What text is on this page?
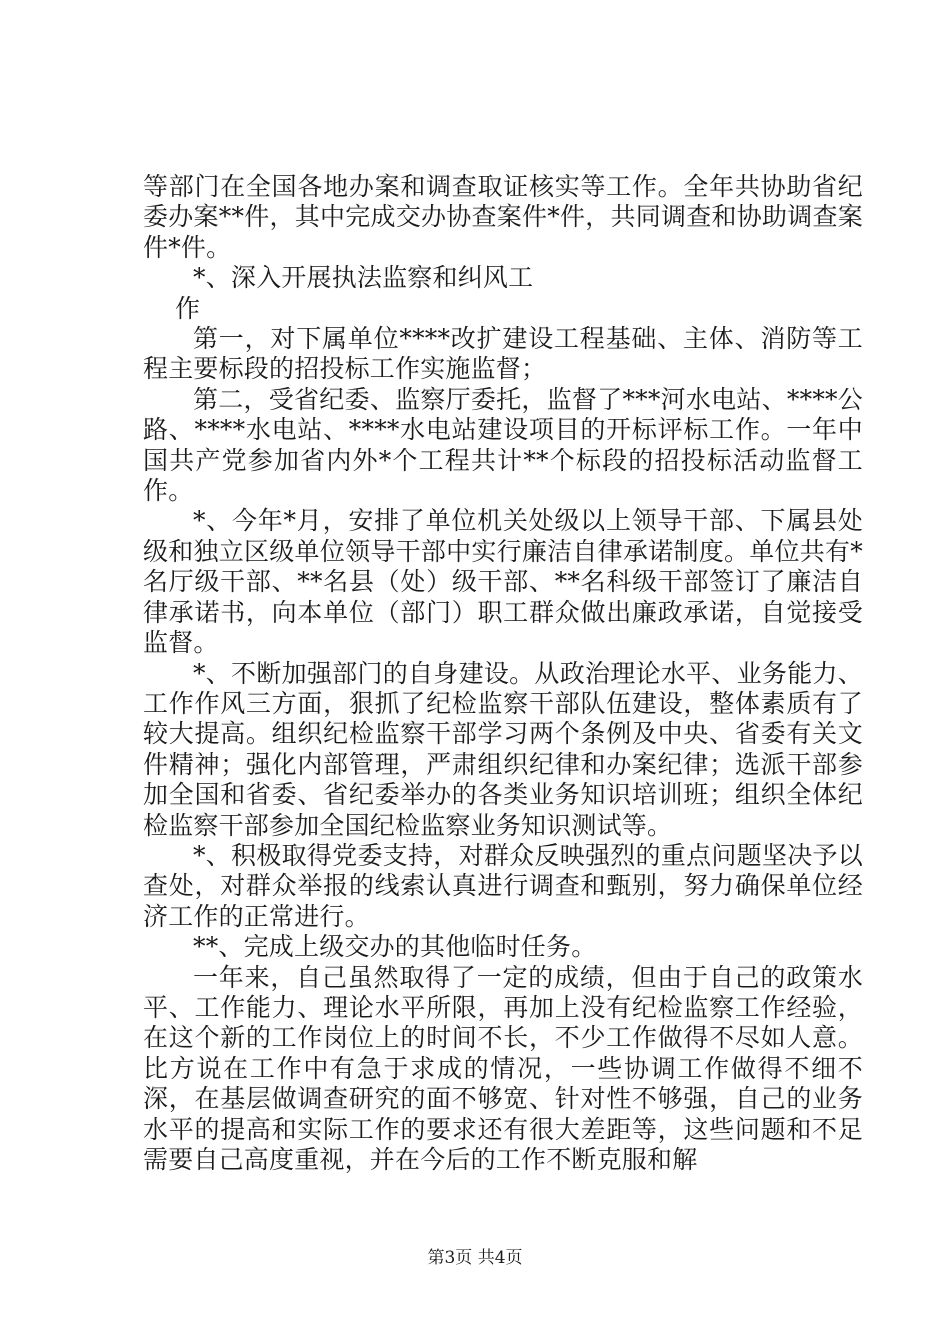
等部门在全国各地办案和调查取证核实等工作。全年共协助省纪委办案**件，其中完成交办协查案件*件，共同调查和协助调查案件*件。

*、深入开展执法监察和纠风工

作

第一，对下属单位****改扩建设工程基础、主体、消防等工程主要标段的招投标工作实施监督；

第二，受省纪委、监察厅委托，监督了***河水电站、****公路、****水电站、****水电站建设项目的开标评标工作。一年中国共产党参加省内外*个工程共计**个标段的招投标活动监督工作。

*、今年*月，安排了单位机关处级以上领导干部、下属县处级和独立区级单位领导干部中实行廉洁自律承诺制度。单位共有*名厅级干部、**名县（处）级干部、**名科级干部签订了廉洁自律承诺书，向本单位（部门）职工群众做出廉政承诺，自觉接受监督。

*、不断加强部门的自身建设。从政治理论水平、业务能力、工作作风三方面，狠抓了纪检监察干部队伍建设，整体素质有了较大提高。组织纪检监察干部学习两个条例及中央、省委有关文件精神；强化内部管理，严肃组织纪律和办案纪律；选派干部参加全国和省委、省纪委举办的各类业务知识培训班；组织全体纪检监察干部参加全国纪检监察业务知识测试等。

*、积极取得党委支持，对群众反映强烈的重点问题坚决予以查处，对群众举报的线索认真进行调查和甄别，努力确保单位经济工作的正常进行。

**、完成上级交办的其他临时任务。

一年来，自己虽然取得了一定的成绩，但由于自己的政策水平、工作能力、理论水平所限，再加上没有纪检监察工作经验，在这个新的工作岗位上的时间不长，不少工作做得不尽如人意。比方说在工作中有急于求成的情况，一些协调工作做得不细不深，在基层做调查研究的面不够宽、针对性不够强，自己的业务水平的提高和实际工作的要求还有很大差距等，这些问题和不足需要自己高度重视，并在今后的工作不断克服和解

第3页 共4页
